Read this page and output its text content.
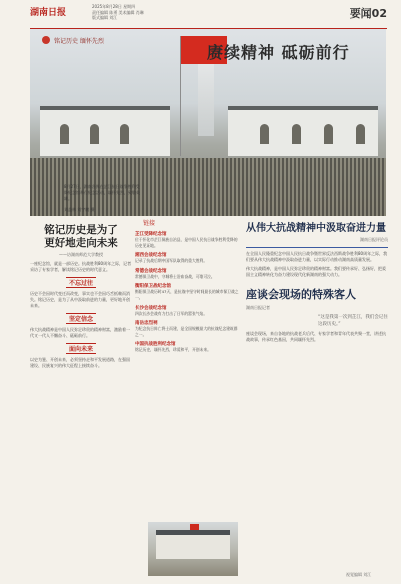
湖南日报
2025年8月28日 星期四
责任编辑 陈勇 美术编辑 肖琳
版式编辑 刘江	要闻02
铭记历史 缅怀先烈
赓续精神 砥砺前行
8月27日，湖南各界在芷江抗日战争胜利受降纪念馆举行纪念活动，缅怀先烈，致敬英雄。
刘益林 刘宇鹏 摄
铭记历史是为了
更好地走向未来
——访湖南师范大学教授
一座纪念馆，就是一部历史。抗战胜利80周年之际，记者采访了专家学者，解读铭记历史的时代意义。
不忘过往
历史不会因时代变迁而改变，事实也不会因巧舌抵赖而消失。铭记历史，是为了从中汲取前进的力量，更好地开创未来。
坚定信念
伟大抗战精神是中国人民弥足珍贵的精神财富，激励着一代又一代人不懈奋斗、砥砺前行。
面向未来
以史为鉴、开创未来，必须坚持走和平发展道路，在强国建设、民族复兴的伟大征程上接续奋斗。
链接
芷江受降纪念馆
位于怀化市芷江侗族自治县，是中国人民抗日战争胜利受降的历史见证地。
湘西会战纪念馆
记录了抗战后期中国军队取得的重大胜利。
常德会战纪念馆
常德保卫战中，守城将士浴血奋战，可歌可泣。
衡阳保卫战纪念馆
衡阳保卫战历时47天，是抗战中坚守时间最长的城市保卫战之一。
长沙会战纪念馆
四次长沙会战有力打击了日军的嚣张气焰。
南岳忠烈祠
为纪念抗日阵亡将士而建，是全国规模最大的抗战纪念建筑群之一。
中国抗战胜利纪念馆
铭记历史，缅怀先烈，珍爱和平，开创未来。
从伟大抗战精神中汲取奋进力量
湖南日报评论员
在全国人民隆重纪念中国人民抗日战争暨世界反法西斯战争胜利80周年之际，我们要从伟大抗战精神中汲取奋进力量，以实际行动推动湖南高质量发展。
伟大抗战精神，是中国人民弥足珍贵的精神财富。我们要传承好、弘扬好，把爱国主义精神转化为奋力建设现代化新湖南的强大动力。
座谈会现场的特殊客人
湖南日报记者
“这是我第一次到芷江，我们会记住这段历史。”
座谈会现场，来自各地的抗战老兵后代、专家学者和青年代表共聚一堂，讲述抗战故事，传承红色基因，共同缅怀先烈。
视觉编辑 刘江
